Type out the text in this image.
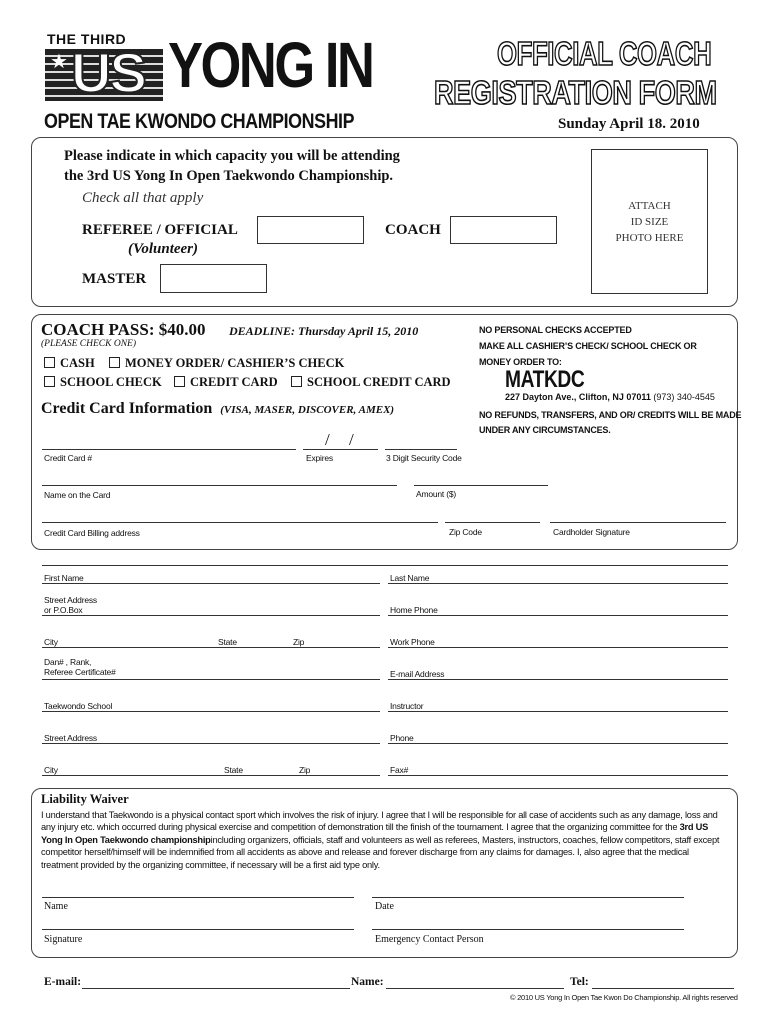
THE THIRD
★ US YONG IN
OPEN TAE KWONDO CHAMPIONSHIP
OFFICIAL COACH
REGISTRATION FORM
Sunday April 18. 2010
Please indicate in which capacity you will be attending
the 3rd US Yong In Open Taekwondo Championship.
Check all that apply
REFEREE / OFFICIAL
(Volunteer)
COACH
MASTER
ATTACH
ID SIZE
PHOTO HERE
COACH PASS: $40.00 DEADLINE: Thursday April 15, 2010
(PLEASE CHECK ONE)
CASH	MONEY ORDER/ CASHIER’S CHECK
SCHOOL CHECK	CREDIT CARD	SCHOOL CREDIT CARD
Credit Card Information (VISA, MASER, DISCOVER, AMEX)
NO PERSONAL CHECKS ACCEPTED
MAKE ALL CASHIER’S CHECK/ SCHOOL CHECK OR
MONEY ORDER TO:
MATKDC
227 Dayton Ave., Clifton, NJ 07011 (973) 340-4545
NO REFUNDS, TRANSFERS, AND OR/ CREDITS WILL BE MADE
UNDER ANY CIRCUMSTANCES.
Credit Card #
/ /
Expires	3 Digit Security Code
Name on the Card	Amount ($)
Credit Card Billing address	Zip Code	Cardholder Signature
First Name	Last Name
Street Address
or P.O.Box	Home Phone
City	State	Zip	Work Phone
Dan# , Rank,
Referee Certificate#	E-mail Address
Taekwondo School	Instructor
Street Address	Phone
City	State	Zip	Fax#
Liability Waiver
I understand that Taekwondo is a physical contact sport which involves the risk of injury. I agree that I will be responsible for all case of accidents such as any damage, loss and any injury etc. which occurred during physical exercise and competition of demonstration till the finish of the tournament. I agree that the organizing committee for the 3rd US Yong In Open Taekwondo championshipincluding organizers, officials, staff and volunteers as well as referees, Masters, instructors, coaches, fellow competitors, staff except competitor herself/himself will be indemnified from all accidents as above and release and forever discharge from any claims for damages. I, also agree that the medical treatment provided by the organizing committee, if necessary will be a first aid type only.
Name	Date
Signature	Emergency Contact Person
E-mail:	Name:	Tel:
© 2010 US Yong In Open Tae Kwon Do Championship. All rights reserved
